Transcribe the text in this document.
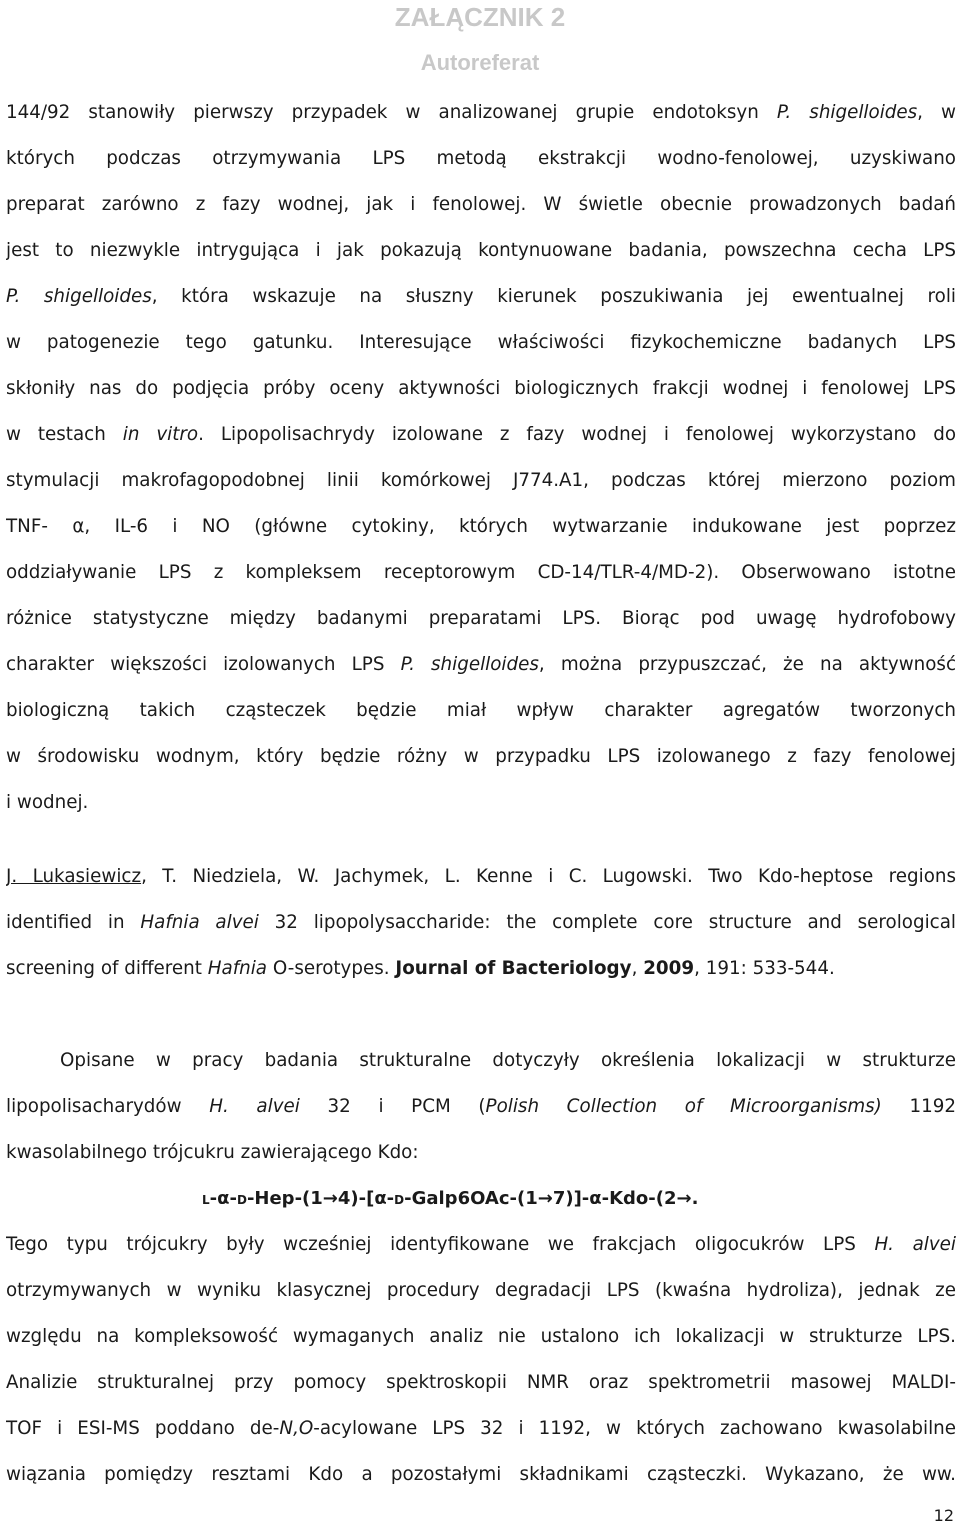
ZAŁĄCZNIK 2
Autoreferat
144/92 stanowiły pierwszy przypadek w analizowanej grupie endotoksyn P. shigelloides, w
których podczas otrzymywania LPS metodą ekstrakcji wodno-fenolowej, uzyskiwano
preparat zarówno z fazy wodnej, jak i fenolowej. W świetle obecnie prowadzonych badań
jest to niezwykle intrygująca i jak pokazują kontynuowane badania, powszechna cecha LPS
P. shigelloides, która wskazuje na słuszny kierunek poszukiwania jej ewentualnej roli
w patogenezie tego gatunku. Interesujące właściwości fizykochemiczne badanych LPS
skłoniły nas do podjęcia próby oceny aktywności biologicznych frakcji wodnej i fenolowej LPS
w testach in vitro. Lipopolisachrydy izolowane z fazy wodnej i fenolowej wykorzystano do
stymulacji makrofagopodobnej linii komórkowej J774.A1, podczas której mierzono poziom
TNF- α, IL-6 i NO (główne cytokiny, których wytwarzanie indukowane jest poprzez
oddziaływanie LPS z kompleksem receptorowym CD-14/TLR-4/MD-2). Obserwowano istotne
różnice statystyczne między badanymi preparatami LPS. Biorąc pod uwagę hydrofobowy
charakter większości izolowanych LPS P. shigelloides, można przypuszczać, że na aktywność
biologiczną takich cząsteczek będzie miał wpływ charakter agregatów tworzonych
w środowisku wodnym, który będzie różny w przypadku LPS izolowanego z fazy fenolowej
i wodnej.
J. Lukasiewicz, T. Niedziela, W. Jachymek, L. Kenne i C. Lugowski. Two Kdo-heptose regions
identified in Hafnia alvei 32 lipopolysaccharide: the complete core structure and serological
screening of different Hafnia O-serotypes. Journal of Bacteriology, 2009, 191: 533-544.
Opisane w pracy badania strukturalne dotyczyły określenia lokalizacji w strukturze
lipopolisacharydów H. alvei 32 i PCM (Polish Collection of Microorganisms) 1192
kwasolabilnego trójcukru zawierającego Kdo:
L-α-D-Hep-(1→4)-[α-D-Galp6OAc-(1→7)]-α-Kdo-(2→.
Tego typu trójcukry były wcześniej identyfikowane we frakcjach oligocukrów LPS H. alvei
otrzymywanych w wyniku klasycznej procedury degradacji LPS (kwaśna hydroliza), jednak ze
względu na kompleksowość wymaganych analiz nie ustalono ich lokalizacji w strukturze LPS.
Analizie strukturalnej przy pomocy spektroskopii NMR oraz spektrometrii masowej MALDI-
TOF i ESI-MS poddano de-N,O-acylowane LPS 32 i 1192, w których zachowano kwasolabilne
wiązania pomiędzy resztami Kdo a pozostałymi składnikami cząsteczki. Wykazano, że ww.
12
